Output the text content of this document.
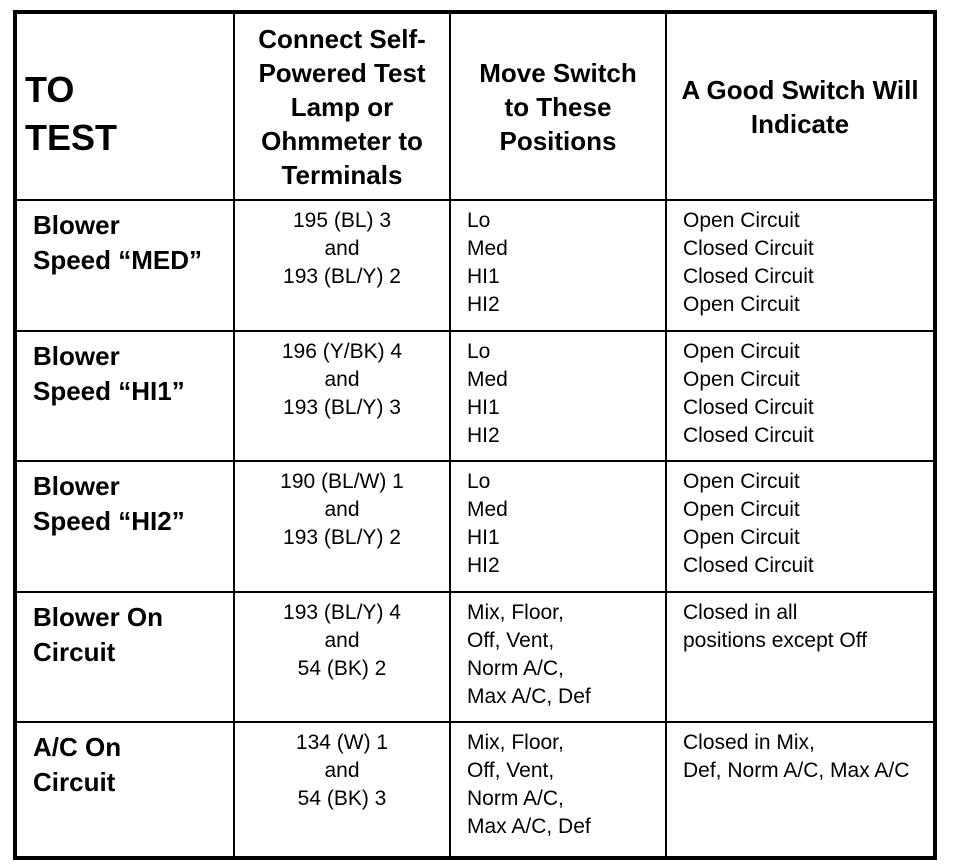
TO
TEST	Connect Self-
Powered Test
Lamp or
Ohmmeter to
Terminals	Move Switch
to These
Positions	A Good Switch Will
Indicate

Blower
Speed “MED”	195 (BL) 3
and
193 (BL/Y) 2	Lo
Med
HI1
HI2	Open Circuit
Closed Circuit
Closed Circuit
Open Circuit

Blower
Speed “HI1”	196 (Y/BK) 4
and
193 (BL/Y) 3	Lo
Med
HI1
HI2	Open Circuit
Open Circuit
Closed Circuit
Closed Circuit

Blower
Speed “HI2”	190 (BL/W) 1
and
193 (BL/Y) 2	Lo
Med
HI1
HI2	Open Circuit
Open Circuit
Open Circuit
Closed Circuit

Blower On
Circuit	193 (BL/Y) 4
and
54 (BK) 2	Mix, Floor,
Off, Vent,
Norm A/C,
Max A/C, Def	Closed in all
positions except Off

A/C On
Circuit	134 (W) 1
and
54 (BK) 3	Mix, Floor,
Off, Vent,
Norm A/C,
Max A/C, Def	Closed in Mix,
Def, Norm A/C, Max A/C
